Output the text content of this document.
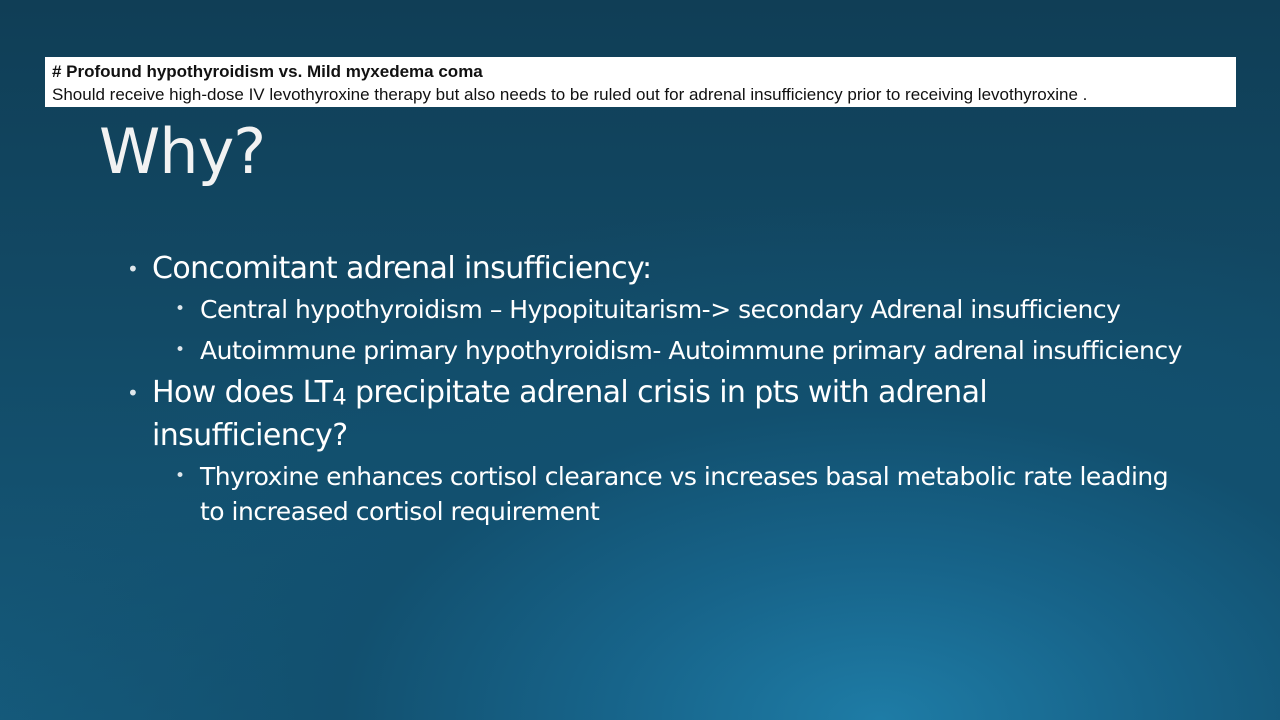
# Profound hypothyroidism vs. Mild myxedema coma
Should receive high-dose IV levothyroxine therapy but also needs to be ruled out for adrenal insufficiency prior to receiving levothyroxine .
Why?
• Concomitant adrenal insufficiency:
• Central hypothyroidism – Hypopituitarism-> secondary Adrenal insufficiency
• Autoimmune primary hypothyroidism- Autoimmune primary adrenal insufficiency
• How does LT4 precipitate adrenal crisis in pts with adrenal insufficiency?
• Thyroxine enhances cortisol clearance vs increases basal metabolic rate leading to increased cortisol requirement
